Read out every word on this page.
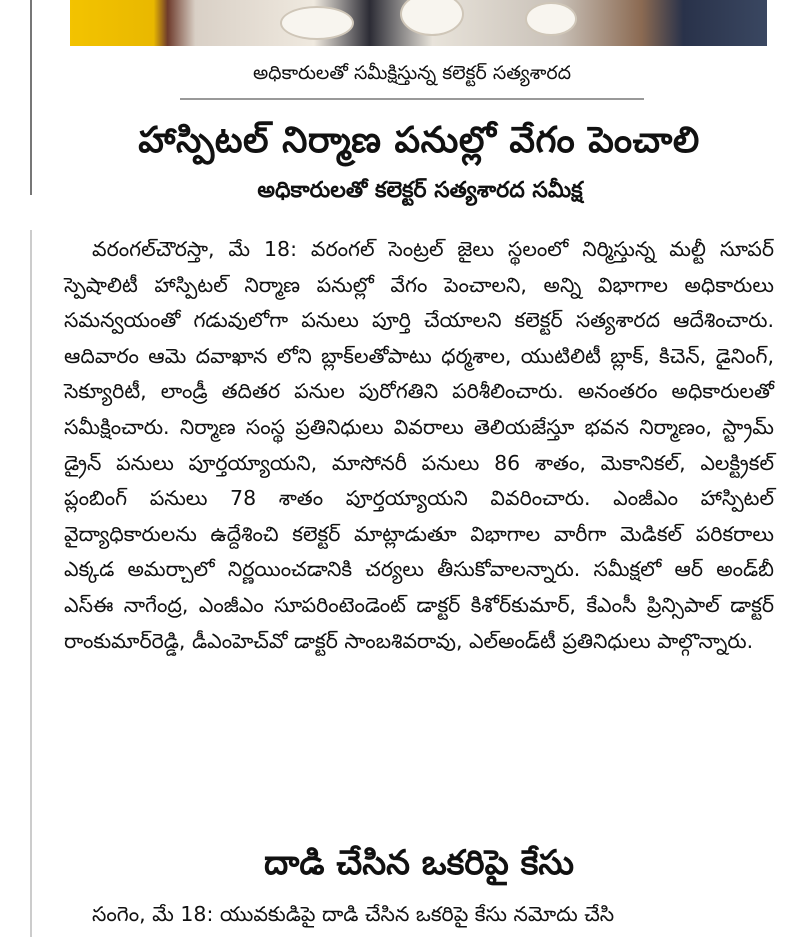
అధికారులతో సమీక్షిస్తున్న కలెక్టర్ సత్యశారద
హాస్పిటల్ నిర్మాణ పనుల్లో వేగం పెంచాలి
అధికారులతో కలెక్టర్ సత్యశారద సమీక్ష
వరంగల్‌చౌరస్తా, మే 18: వరంగల్ సెంట్రల్ జైలు స్థలంలో నిర్మిస్తున్న మల్టీ సూపర్ స్పెషాలిటీ హాస్పిటల్ నిర్మాణ పనుల్లో వేగం పెంచాలని, అన్ని విభాగాల అధికారులు సమన్వయంతో గడువులోగా పనులు పూర్తి చేయాలని కలెక్టర్ సత్యశారద ఆదేశించారు. ఆదివారం ఆమె దవాఖాన లోని బ్లాక్‌లతోపాటు ధర్మశాల, యుటిలిటీ బ్లాక్, కిచెన్, డైనింగ్, సెక్యూరిటీ, లాండ్రీ తదితర పనుల పురోగతిని పరిశీలించారు. అనంతరం అధికారులతో సమీక్షించారు. నిర్మాణ సంస్థ ప్రతినిధులు వివరాలు తెలియజేస్తూ భవన నిర్మాణం, స్ట్రామ్ డ్రైన్ పనులు పూర్తయ్యాయని, మాసోనరీ పనులు 86 శాతం, మెకానికల్, ఎలక్ట్రికల్ ప్లంబింగ్ పనులు 78 శాతం పూర్తయ్యాయని వివరించారు. ఎంజీఎం హాస్పిటల్ వైద్యాధికారులను ఉద్దేశించి కలెక్టర్ మాట్లాడుతూ విభాగాల వారీగా మెడికల్ పరికరాలు ఎక్కడ అమర్చాలో నిర్ణయించడానికి చర్యలు తీసుకోవాలన్నారు. సమీక్షలో ఆర్ అండ్‌బీ ఎస్ఈ నాగేంద్ర, ఎంజీఎం సూపరింటెండెంట్ డాక్టర్ కిశోర్‌కుమార్, కేఎంసీ ప్రిన్సిపాల్ డాక్టర్ రాంకుమార్‌రెడ్డి, డీఎంహెచ్‌వో డాక్టర్ సాంబశివరావు, ఎల్అండ్‌టీ ప్రతినిధులు పాల్గొన్నారు.
దాడి చేసిన ఒకరిపై కేసు
సంగెం, మే 18: యువకుడిపై దాడి చేసిన ఒకరిపై కేసు నమోదు చేసి
